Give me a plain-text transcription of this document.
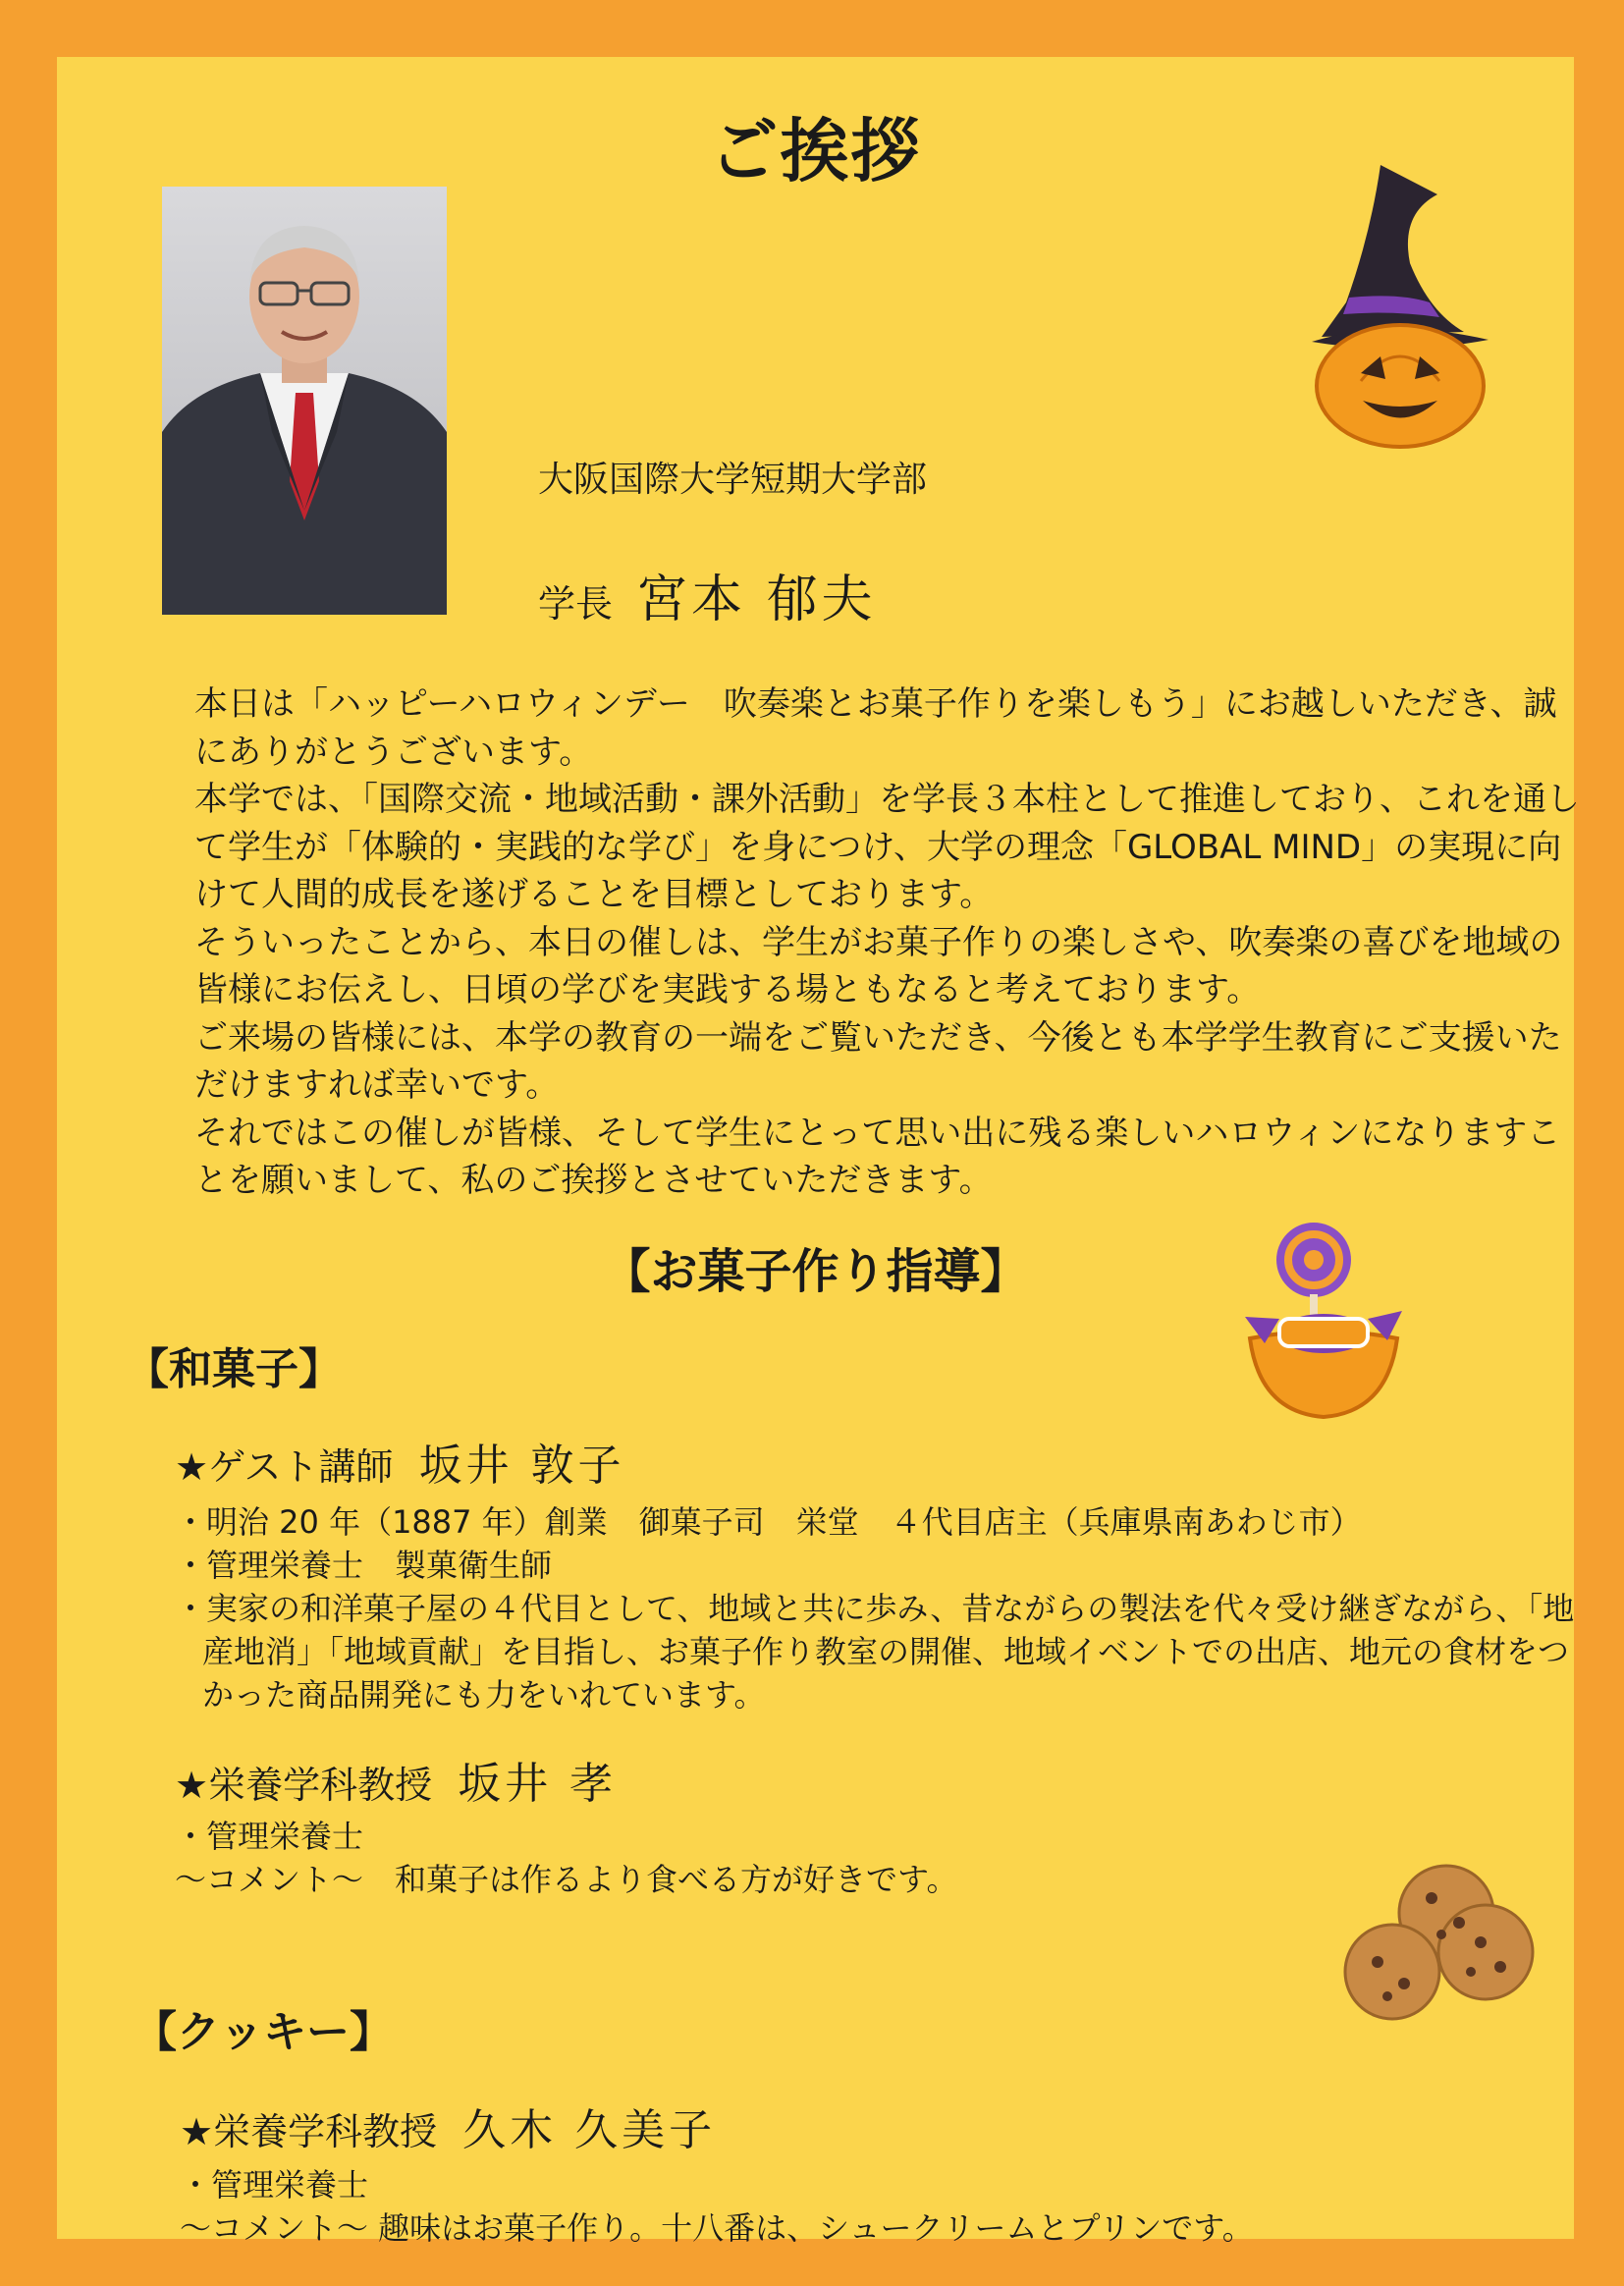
ご挨拶
大阪国際大学短期大学部
学長 宮本 郁夫

本日は「ハッピーハロウィンデー　吹奏楽とお菓子作りを楽しもう」にお越しいただき、誠にありがとうございます。

本学では、「国際交流・地域活動・課外活動」を学長３本柱として推進しており、これを通して学生が「体験的・実践的な学び」を身につけ、大学の理念「GLOBAL MIND」の実現に向けて人間的成長を遂げることを目標としております。

そういったことから、本日の催しは、学生がお菓子作りの楽しさや、吹奏楽の喜びを地域の皆様にお伝えし、日頃の学びを実践する場ともなると考えております。

ご来場の皆様には、本学の教育の一端をご覧いただき、今後とも本学学生教育にご支援いただけますれば幸いです。

それではこの催しが皆様、そして学生にとって思い出に残る楽しいハロウィンになりますことを願いまして、私のご挨拶とさせていただきます。

【お菓子作り指導】
【和菓子】
★ゲスト講師 坂井 敦子
・明治 20 年（1887 年）創業　御菓子司　栄堂　４代目店主（兵庫県南あわじ市）
・管理栄養士　製菓衛生師
・実家の和洋菓子屋の４代目として、地域と共に歩み、昔ながらの製法を代々受け継ぎながら、「地産地消」「地域貢献」を目指し、お菓子作り教室の開催、地域イベントでの出店、地元の食材をつかった商品開発にも力をいれています。
★栄養学科教授 坂井 孝
・管理栄養士
～コメント～　和菓子は作るより食べる方が好きです。
【クッキー】
★栄養学科教授 久木 久美子
・管理栄養士
～コメント～ 趣味はお菓子作り。十八番は、シュークリームとプリンです。
